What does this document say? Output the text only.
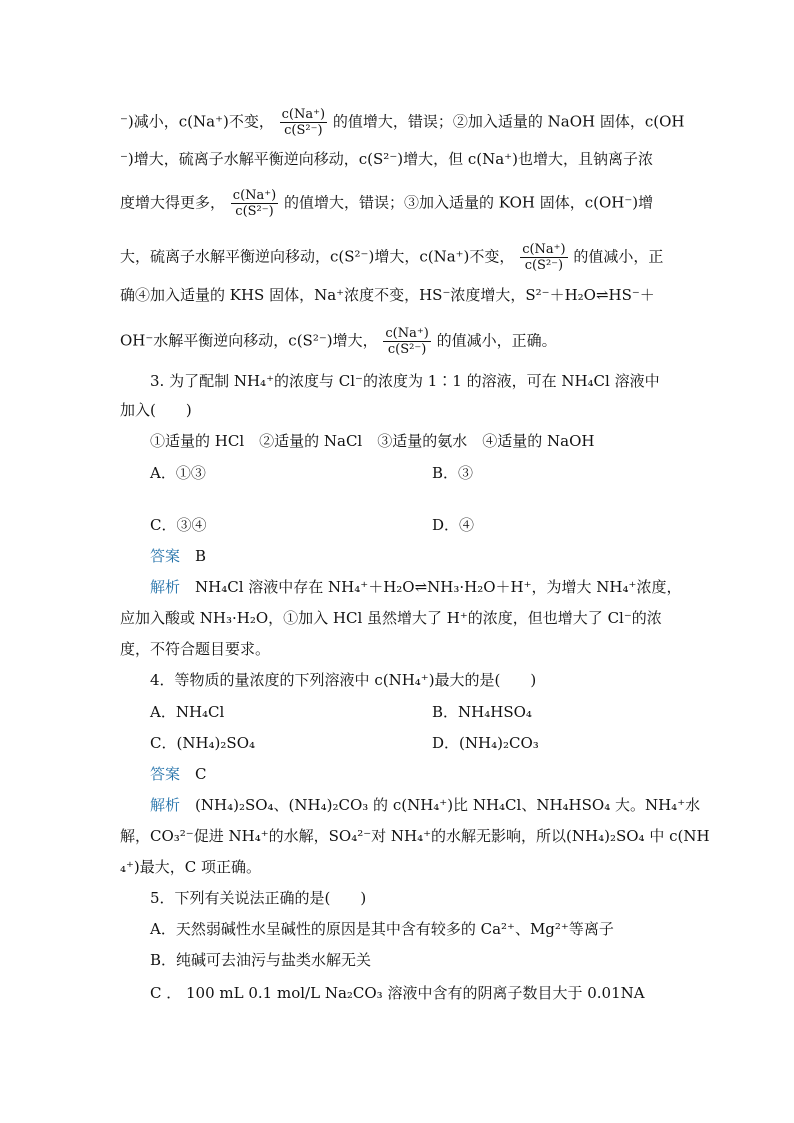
⁻)减小，c(Na⁺)不变， $\frac{c(Na^+)}{\text{c(S²⁻)}}$ 的值增大，错误；②加入适量的 NaOH 固体，c(OH
⁻)增大，硫离子水解平衡逆向移动，c(S²⁻)增大，但 c(Na⁺)也增大，且钠离子浓
度增大得更多， $\frac{c(Na^+)}{\text{c(S²⁻)}}$ 的值增大，错误；③加入适量的 KOH 固体，c(OH⁻)增
大，硫离子水解平衡逆向移动，c(S²⁻)增大，c(Na⁺)不变， $\frac{c(Na^+)}{\text{c(S²⁻)}}$ 的值减小，正
确④加入适量的 KHS 固体，Na⁺浓度不变，HS⁻浓度增大，S²⁻＋H₂O⇌HS⁻＋
OH⁻水解平衡逆向移动，c(S²⁻)增大， $\frac{c(Na^+)}{\text{c(S²⁻)}}$ 的值减小，正确。
3. 为了配制 NH₄⁺的浓度与 Cl⁻的浓度为 1∶1 的溶液，可在 NH₄Cl 溶液中
加入(　　)
①适量的 HCl　②适量的 NaCl　③适量的氨水　④适量的 NaOH
A．①③	B．③
C．③④	D．④
答案　 B
解析　 NH₄Cl 溶液中存在 NH₄⁺＋H₂O⇌NH₃·H₂O＋H⁺，为增大 NH₄⁺浓度，
应加入酸或 NH₃·H₂O，①加入 HCl 虽然增大了 H⁺的浓度，但也增大了 Cl⁻的浓
度，不符合题目要求。
4．等物质的量浓度的下列溶液中 c(NH₄⁺)最大的是(　　)
A．NH₄Cl	B．NH₄HSO₄
C．(NH₄)₂SO₄	D．(NH₄)₂CO₃
答案　 C
解析　 (NH₄)₂SO₄、(NH₄)₂CO₃ 的 c(NH₄⁺)比 NH₄Cl、NH₄HSO₄ 大。NH₄⁺水
解，CO₃²⁻促进 NH₄⁺的水解，SO₄²⁻对 NH₄⁺的水解无影响，所以(NH₄)₂SO₄ 中 c(NH
₄⁺)最大，C 项正确。
5．下列有关说法正确的是(　　)
A．天然弱碱性水呈碱性的原因是其中含有较多的 Ca²⁺、Mg²⁺等离子
B．纯碱可去油污与盐类水解无关
C ． 100 mL 0.1 mol/L Na₂CO₃ 溶液中含有的阴离子数目大于 0.01NA
